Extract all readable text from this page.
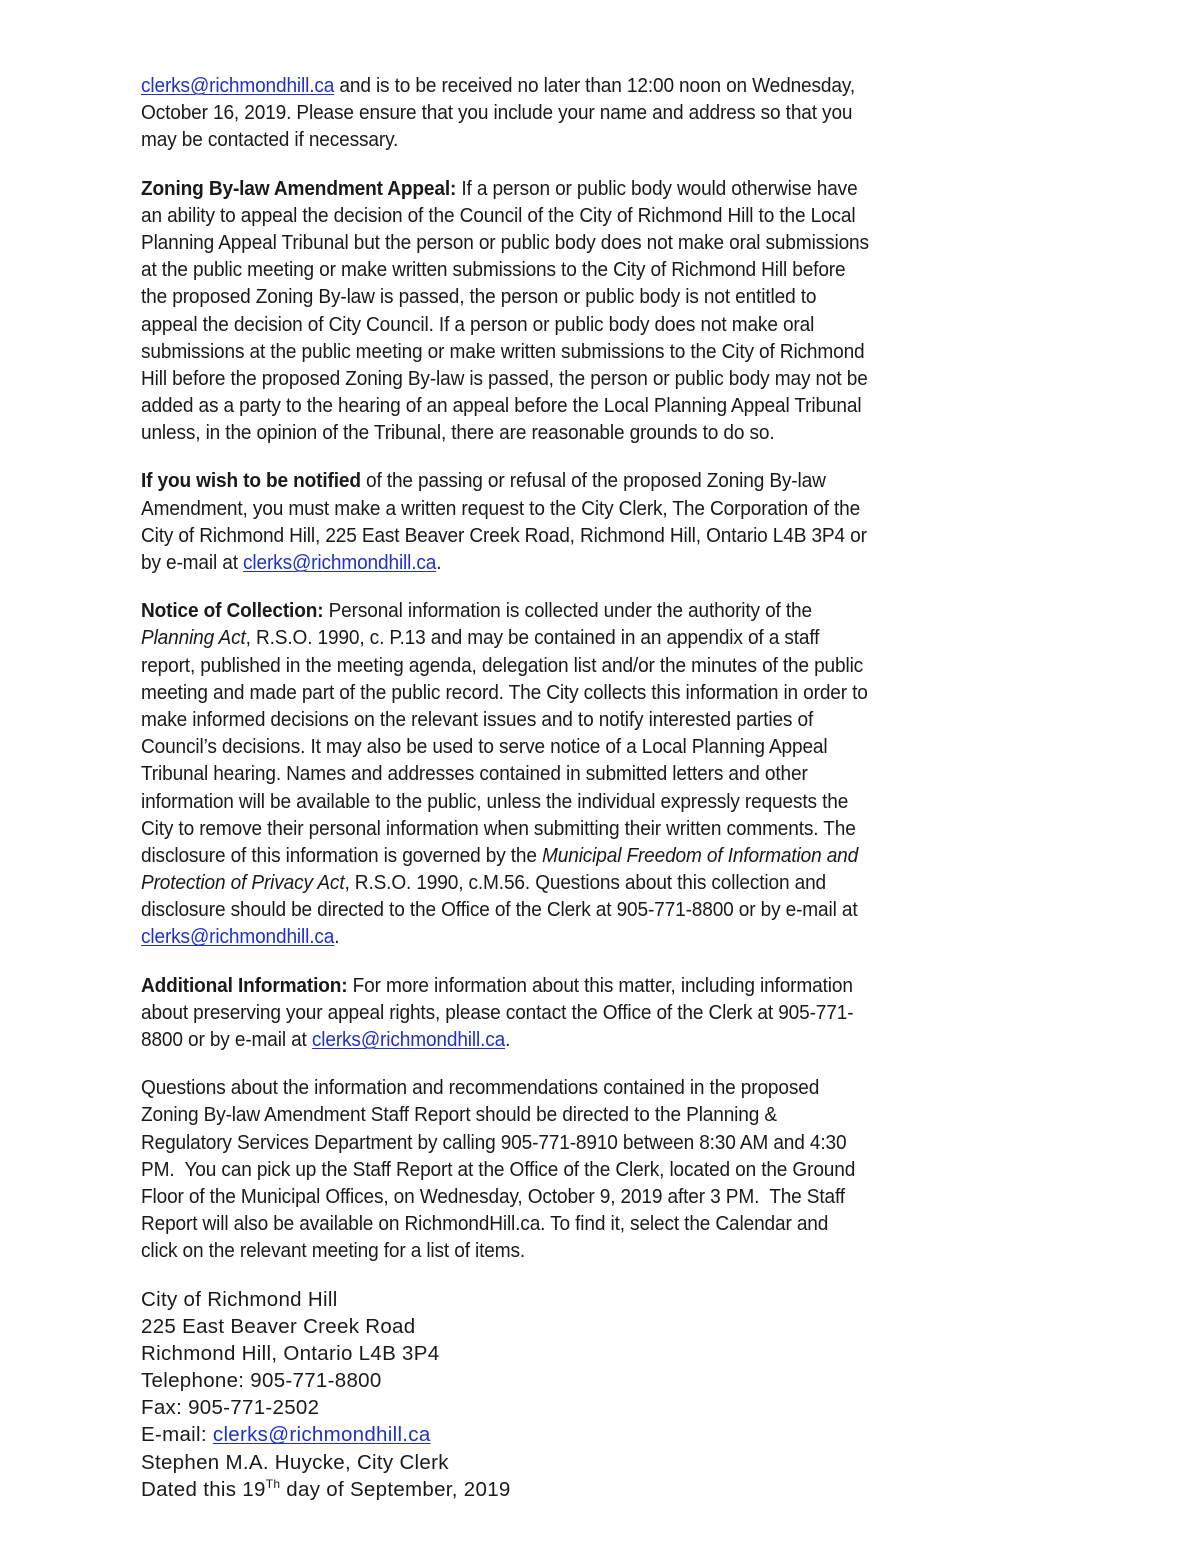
clerks@richmondhill.ca and is to be received no later than 12:00 noon on Wednesday,
October 16, 2019. Please ensure that you include your name and address so that you
may be contacted if necessary.

Zoning By-law Amendment Appeal: If a person or public body would otherwise have
an ability to appeal the decision of the Council of the City of Richmond Hill to the Local
Planning Appeal Tribunal but the person or public body does not make oral submissions
at the public meeting or make written submissions to the City of Richmond Hill before
the proposed Zoning By-law is passed, the person or public body is not entitled to
appeal the decision of City Council. If a person or public body does not make oral
submissions at the public meeting or make written submissions to the City of Richmond
Hill before the proposed Zoning By-law is passed, the person or public body may not be
added as a party to the hearing of an appeal before the Local Planning Appeal Tribunal
unless, in the opinion of the Tribunal, there are reasonable grounds to do so.

If you wish to be notified of the passing or refusal of the proposed Zoning By-law
Amendment, you must make a written request to the City Clerk, The Corporation of the
City of Richmond Hill, 225 East Beaver Creek Road, Richmond Hill, Ontario L4B 3P4 or
by e-mail at clerks@richmondhill.ca.

Notice of Collection: Personal information is collected under the authority of the
Planning Act, R.S.O. 1990, c. P.13 and may be contained in an appendix of a staff
report, published in the meeting agenda, delegation list and/or the minutes of the public
meeting and made part of the public record. The City collects this information in order to
make informed decisions on the relevant issues and to notify interested parties of
Council’s decisions. It may also be used to serve notice of a Local Planning Appeal
Tribunal hearing. Names and addresses contained in submitted letters and other
information will be available to the public, unless the individual expressly requests the
City to remove their personal information when submitting their written comments. The
disclosure of this information is governed by the Municipal Freedom of Information and
Protection of Privacy Act, R.S.O. 1990, c.M.56. Questions about this collection and
disclosure should be directed to the Office of the Clerk at 905-771-8800 or by e-mail at
clerks@richmondhill.ca.

Additional Information: For more information about this matter, including information
about preserving your appeal rights, please contact the Office of the Clerk at 905-771-
8800 or by e-mail at clerks@richmondhill.ca.

Questions about the information and recommendations contained in the proposed
Zoning By-law Amendment Staff Report should be directed to the Planning &
Regulatory Services Department by calling 905-771-8910 between 8:30 AM and 4:30
PM.  You can pick up the Staff Report at the Office of the Clerk, located on the Ground
Floor of the Municipal Offices, on Wednesday, October 9, 2019 after 3 PM.  The Staff
Report will also be available on RichmondHill.ca. To find it, select the Calendar and
click on the relevant meeting for a list of items.

City of Richmond Hill
225 East Beaver Creek Road
Richmond Hill, Ontario L4B 3P4
Telephone: 905-771-8800
Fax: 905-771-2502
E-mail: clerks@richmondhill.ca
Stephen M.A. Huycke, City Clerk
Dated this 19Th day of September, 2019
